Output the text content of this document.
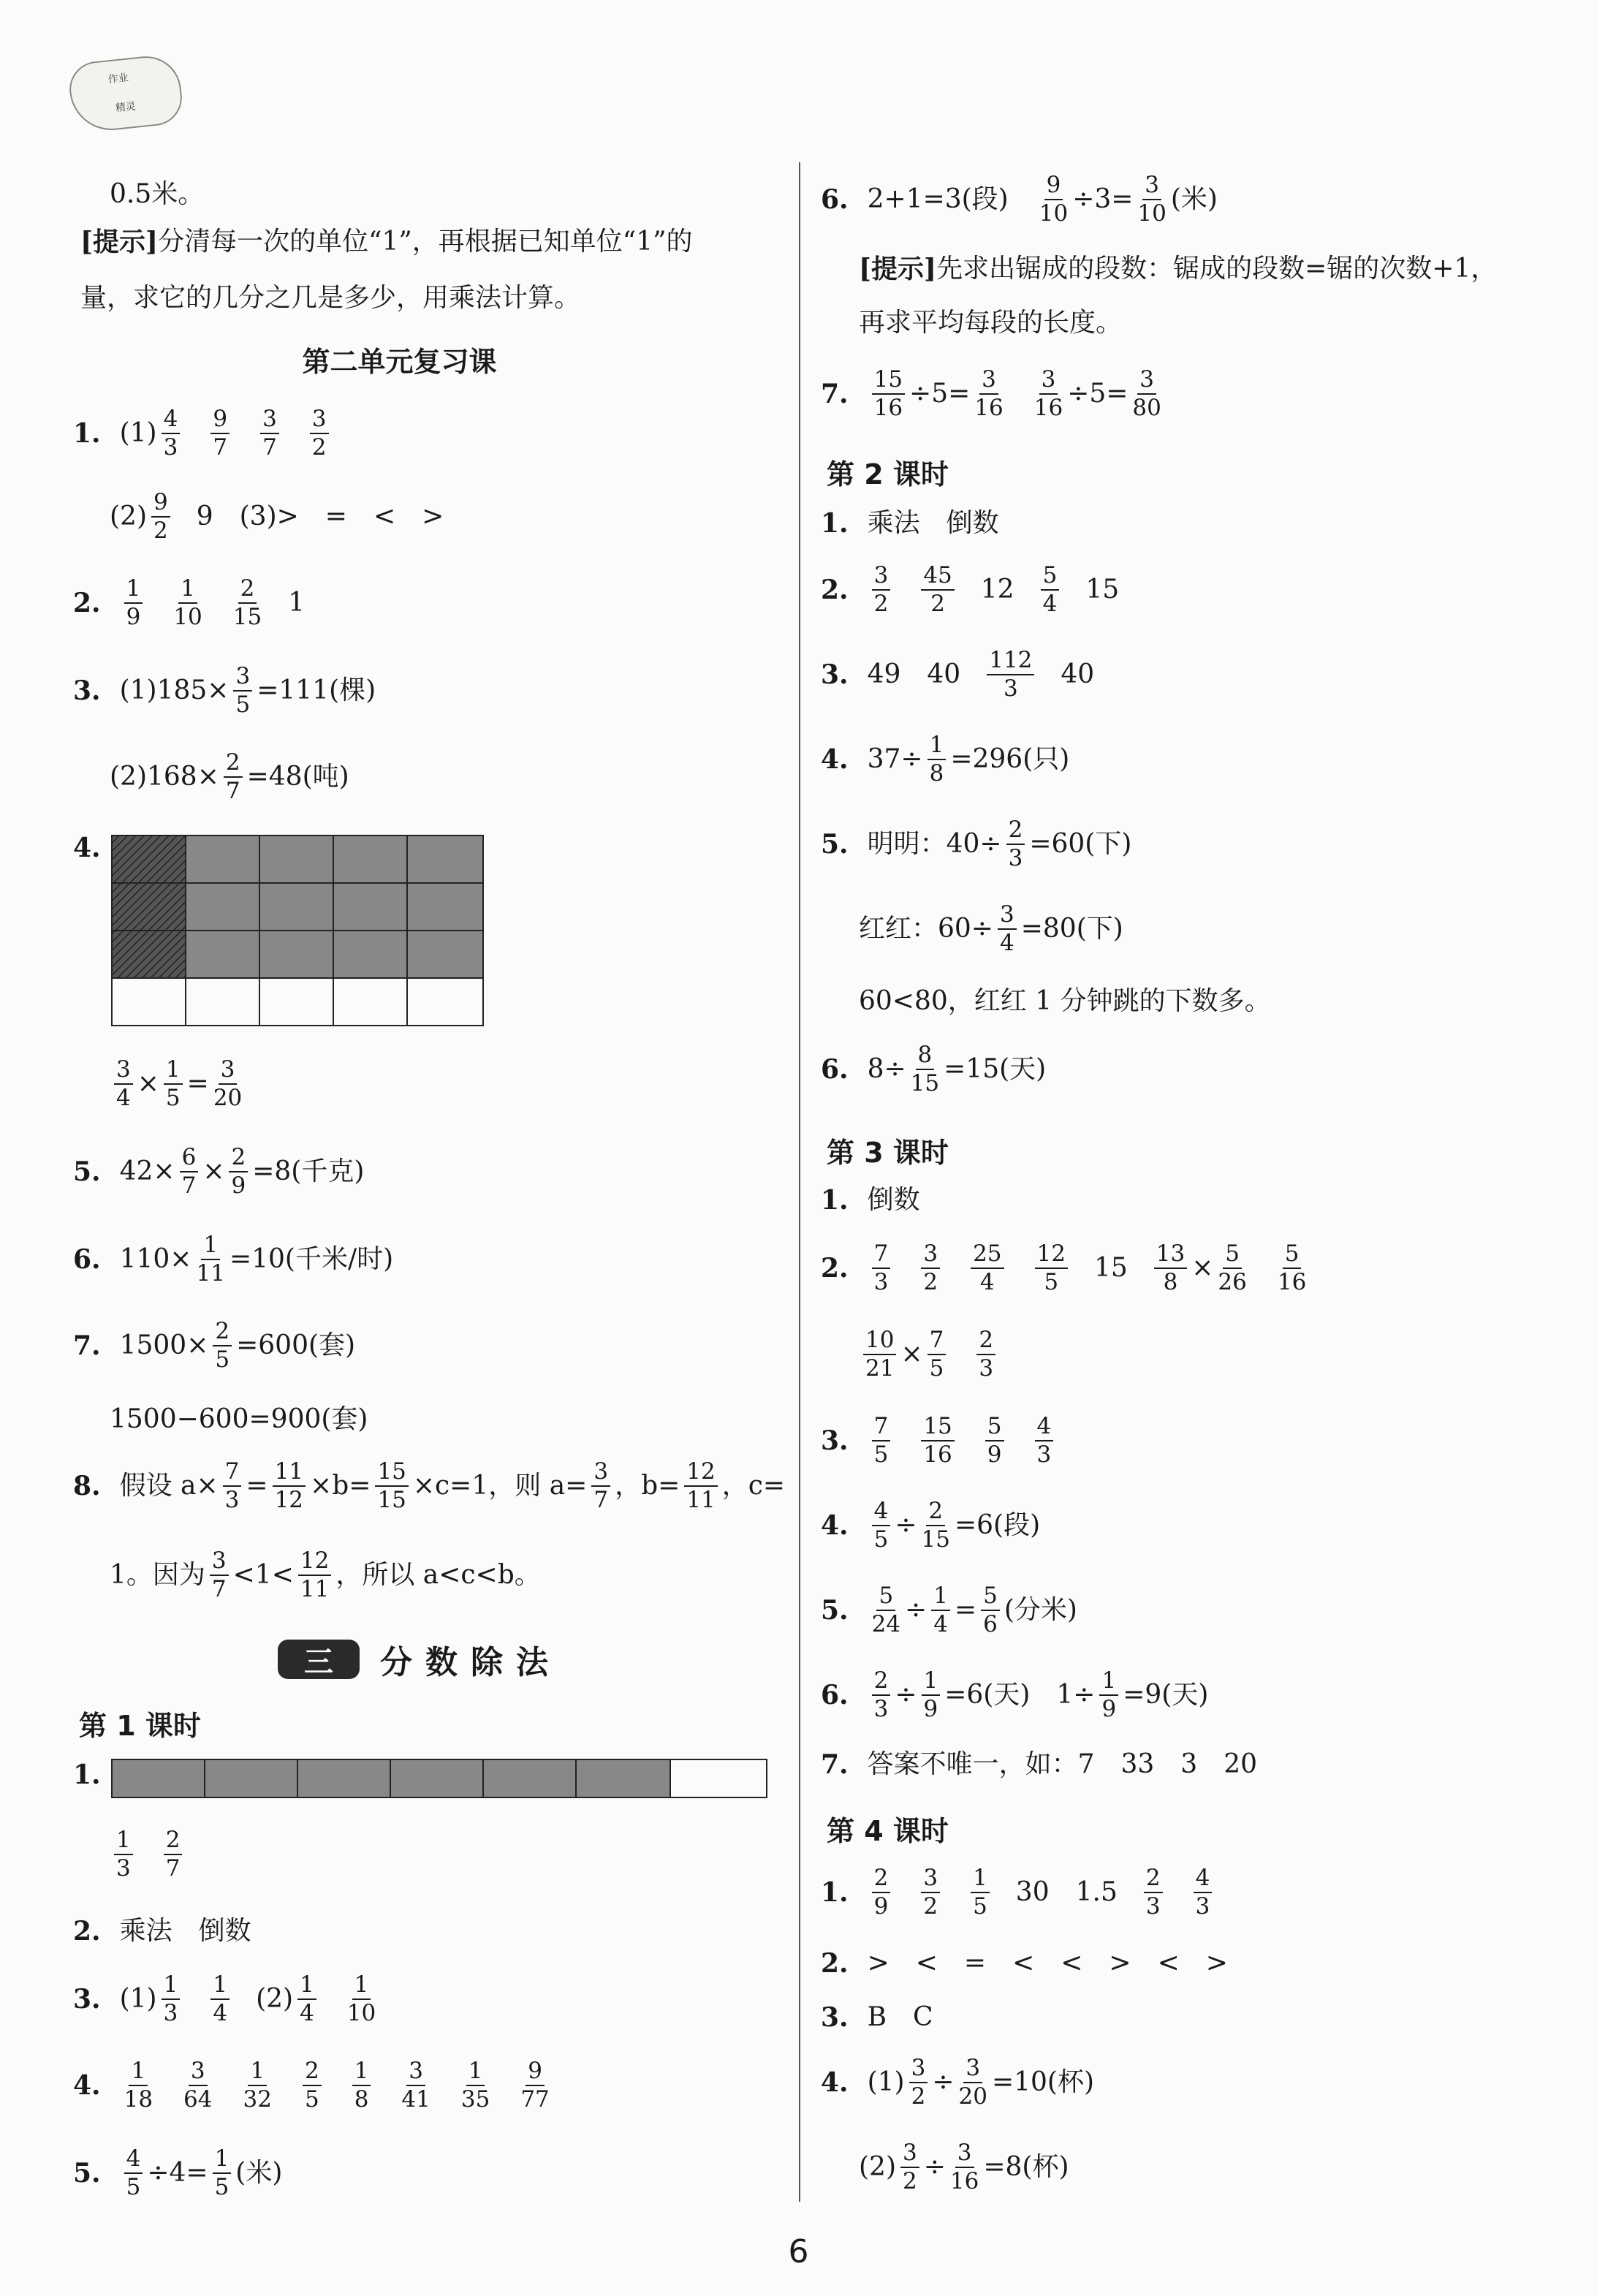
作业
精灵
0.5米。
[提示] 分清每一次的单位“1”，再根据已知单位“1”的
量，求它的几分之几是多少，用乘法计算。
第二单元复习课
1. $(1) \frac{4}{3} \frac{9}{7} \frac{3}{7} \frac{3}{2}$
(2) 9
2 9　(3)>　=　<　>
2. $\frac{1}{9} \frac{1}{10} \frac{2}{15} 1$
3. $(1)185\times \frac{3}{5} =111$(棵)
$(2)168\times \frac{2}{7} =48$(吨)
4.
$\frac{3}{4} \times \frac{1}{5} = \frac{3}{20}$
5. $42\times \frac{6}{7} \times \frac{2}{9} =8$(千克)
6. $110\times \frac{1}{11} =10$(千米/时)
7. $1500\times \frac{2}{5} =600$(套)
1500−600=900(套)
8. 假设 $a\times \frac{7}{3} = \frac{11}{12} \times b= \frac{15}{15} \times c=1$，则 $a= \frac{3}{7}$ ，$b= \frac{12}{11}$ ，c=
1。因为 3
7 <1< 12
11 ，所以 a<c<b。
三	分数除法
第 1 课时
1.
$\frac{1}{3} \frac{2}{7}$
2. 乘法　倒数
3. $(1) \frac{1}{3} \frac{1}{4} (2) \frac{1}{4} \frac{1}{10}$
4. $\frac{1}{18} \frac{3}{64} \frac{1}{32} \frac{2}{5} \frac{1}{8} \frac{3}{41} \frac{1}{35} \frac{9}{77}$
5. $\frac{4}{5} \div 4= \frac{1}{5}$ (米)
6. 2+1=3(段)　 $\frac{9}{10} \div 3= \frac{3}{10}$ (米)
[提示] 先求出锯成的段数：锯成的段数=锯的次数+1，
再求平均每段的长度。
7. $\frac{15}{16} \div 5= \frac{3}{16} \frac{3}{16} \div 5= \frac{3}{80}$
第 2 课时
1. 乘法　倒数
2. 3
2
45
2 12 5
4 15
3. 49　40 112
3 40
4. $37\div \frac{1}{8} =296$(只)
5. 明明：$40\div \frac{2}{3} =60$(下)
红红：$60\div \frac{3}{4} =80$(下)
60<80，红红 1 分钟跳的下数多。
6. $8\div \frac{8}{15} =15$(天)
第 3 课时
1. 倒数
2. $\frac{7}{3} \frac{3}{2} \frac{25}{4} \frac{12}{5} 15 \frac{13}{8} \times \frac{5}{26} 5$
16
$\frac{10}{21} \times \frac{7}{5} 2$
3
3. $\frac{7}{5} \frac{15}{16} \frac{5}{9} \frac{4}{3}$
4. $\frac{4}{5} \div \frac{2}{15} =6$(段)
5. $\frac{5}{24} \div \frac{1}{4} = \frac{5}{6}$ (分米)
6. $\frac{2}{3} \div \frac{1}{9} =6$(天)　$1\div \frac{1}{9} =9$(天)
7. 答案不唯一，如：7　33　3　20
第 4 课时
1. 2
9
3
2
1
5 30　1.5 2
3
4
3
2. >　<　=　<　<　>　<　>
3. B　C
4. $(1) \frac{3}{2} \div \frac{3}{20} =10$(杯)
$(2) \frac{3}{2} \div \frac{3}{16} =8$(杯)
6
